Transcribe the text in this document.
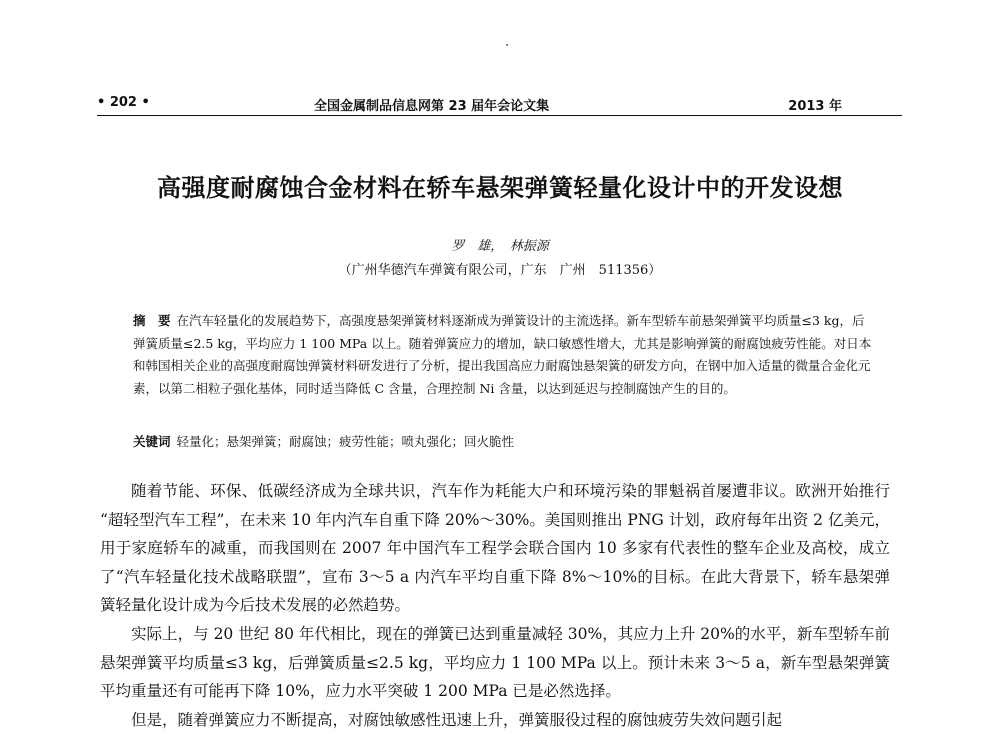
• 202 •	全国金属制品信息网第 23 届年会论文集	2013 年
高强度耐腐蚀合金材料在轿车悬架弹簧轻量化设计中的开发设想
罗　雄，　林振源
（广州华德汽车弹簧有限公司，广东　广州　511356）
摘　要 在汽车轻量化的发展趋势下，高强度悬架弹簧材料逐渐成为弹簧设计的主流选择。新车型轿车前悬架弹簧平均质量≤3 kg，后弹簧质量≤2.5 kg，平均应力 1 100 MPa 以上。随着弹簧应力的增加，缺口敏感性增大，尤其是影响弹簧的耐腐蚀疲劳性能。对日本和韩国相关企业的高强度耐腐蚀弹簧材料研发进行了分析，提出我国高应力耐腐蚀悬架簧的研发方向，在钢中加入适量的微量合金化元素，以第二相粒子强化基体，同时适当降低 C 含量，合理控制 Ni 含量，以达到延迟与控制腐蚀产生的目的。
关键词 轻量化；悬架弹簧；耐腐蚀；疲劳性能；喷丸强化；回火脆性

随着节能、环保、低碳经济成为全球共识，汽车作为耗能大户和环境污染的罪魁祸首屡遭非议。欧洲开始推行 “超轻型汽车工程”，在未来 10 年内汽车自重下降 20%～30%。美国则推出 PNG 计划，政府每年出资 2 亿美元，用于家庭轿车的减重，而我国则在 2007 年中国汽车工程学会联合国内 10 多家有代表性的整车企业及高校，成立了“汽车轻量化技术战略联盟”，宣布 3～5 a 内汽车平均自重下降 8%～10%的目标。在此大背景下，轿车悬架弹簧轻量化设计成为今后技术发展的必然趋势。

实际上，与 20 世纪 80 年代相比，现在的弹簧已达到重量减轻 30%，其应力上升 20%的水平，新车型轿车前悬架弹簧平均质量≤3 kg，后弹簧质量≤2.5 kg，平均应力 1 100 MPa 以上。预计未来 3～5 a，新车型悬架弹簧平均重量还有可能再下降 10%，应力水平突破 1 200 MPa 已是必然选择。

但是，随着弹簧应力不断提高，对腐蚀敏感性迅速上升，弹簧服役过程的腐蚀疲劳失效问题引起
